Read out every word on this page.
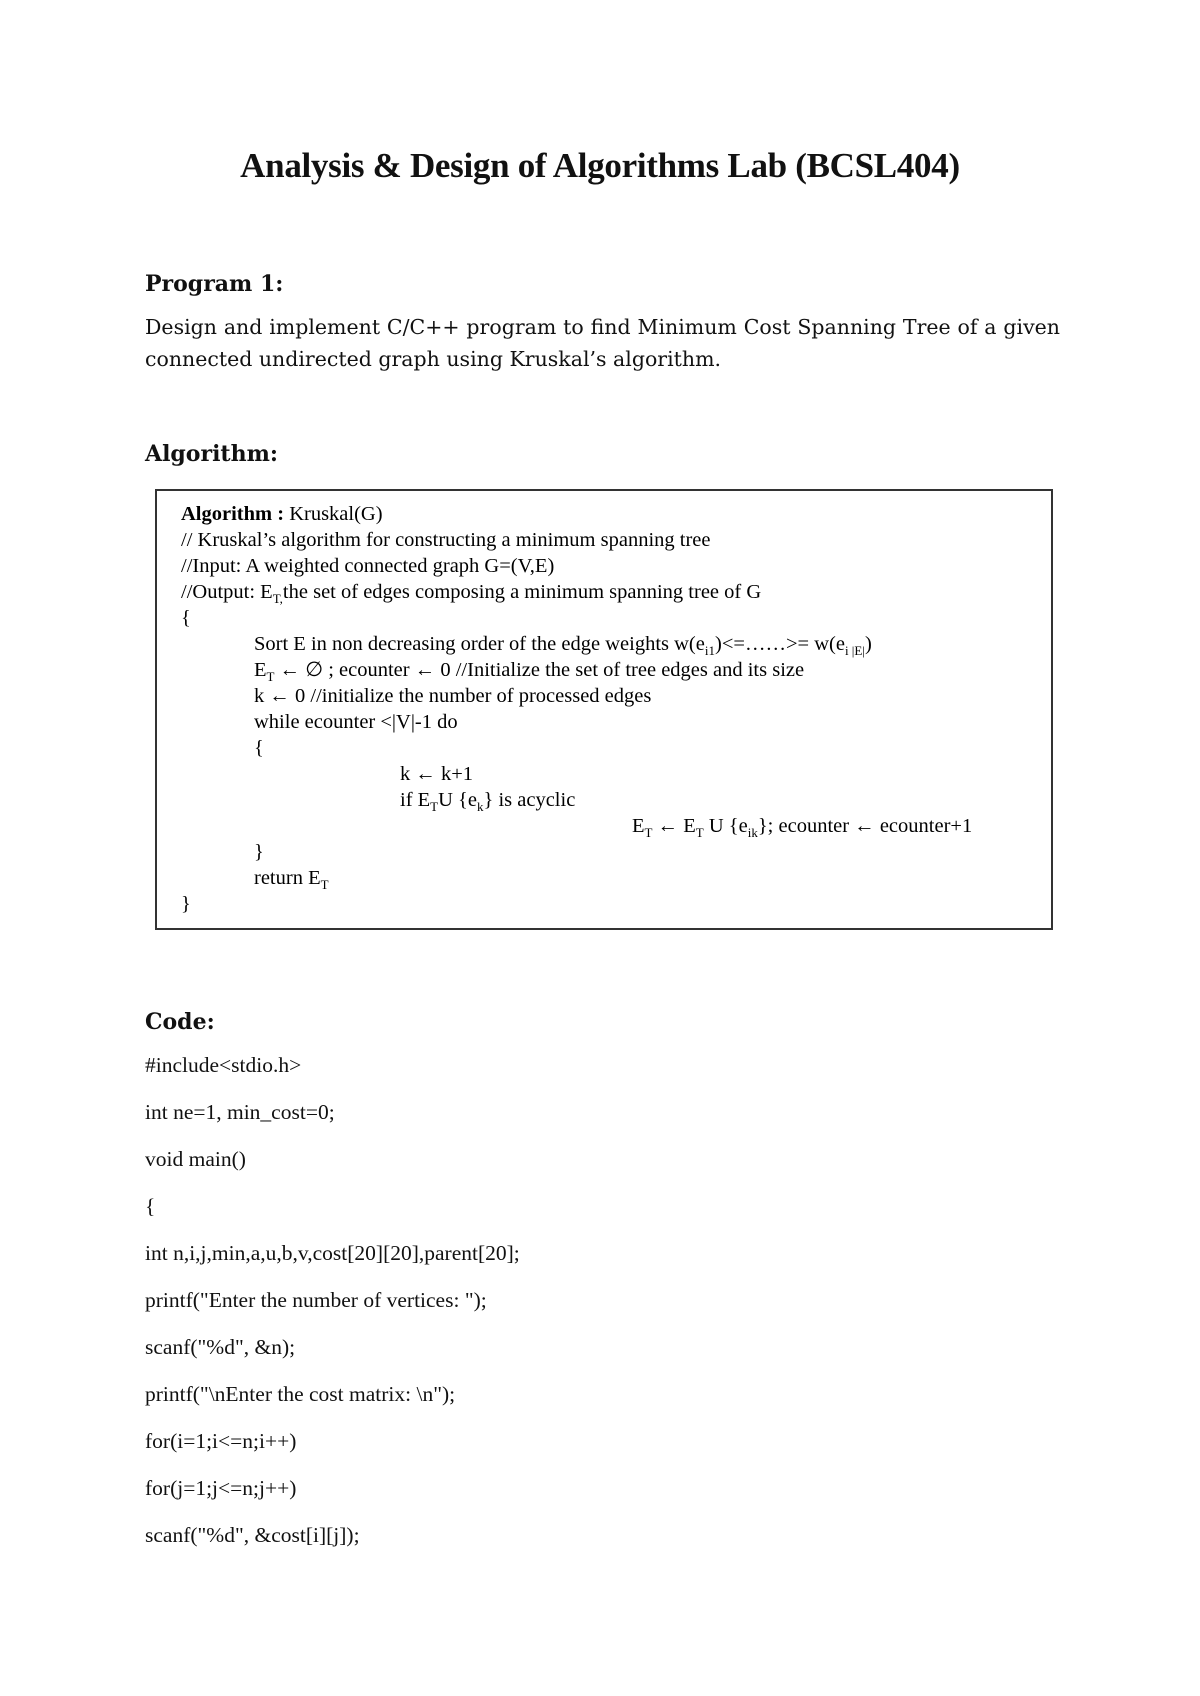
Analysis & Design of Algorithms Lab (BCSL404)
Program 1:
Design and implement C/C++ program to find Minimum Cost Spanning Tree of a given connected undirected graph using Kruskal’s algorithm.
Algorithm:
Algorithm : Kruskal(G)
// Kruskal’s algorithm for constructing a minimum spanning tree
//Input: A weighted connected graph G=(V,E)
//Output: $E_{T,}the$ set of edges composing a minimum spanning tree of G
{
Sort E in non decreasing order of the edge weights $w(e_{i1})<=\dots\dots>= w(e_{i |E|})$
$E_T$ ← ∅ ; ecounter ← 0 //Initialize the set of tree edges and its size
k ← 0 //initialize the number of processed edges
while ecounter <|V|-1 do
{
k ← k+1
if $E_TU$ $\{e_k\}$ is acyclic
$E_T$ ← $E_T$ U $\{e_{ik}\}$; ecounter ← ecounter+1
}
return $E_T$
}
Code:
#include<stdio.h>
int ne=1, min_cost=0;
void main()
{
int n,i,j,min,a,u,b,v,cost[20][20],parent[20];
printf("Enter the number of vertices: ");
scanf("%d", &n);
printf("\nEnter the cost matrix: \n");
for(i=1;i<=n;i++)
for(j=1;j<=n;j++)
scanf("%d", &cost[i][j]);
